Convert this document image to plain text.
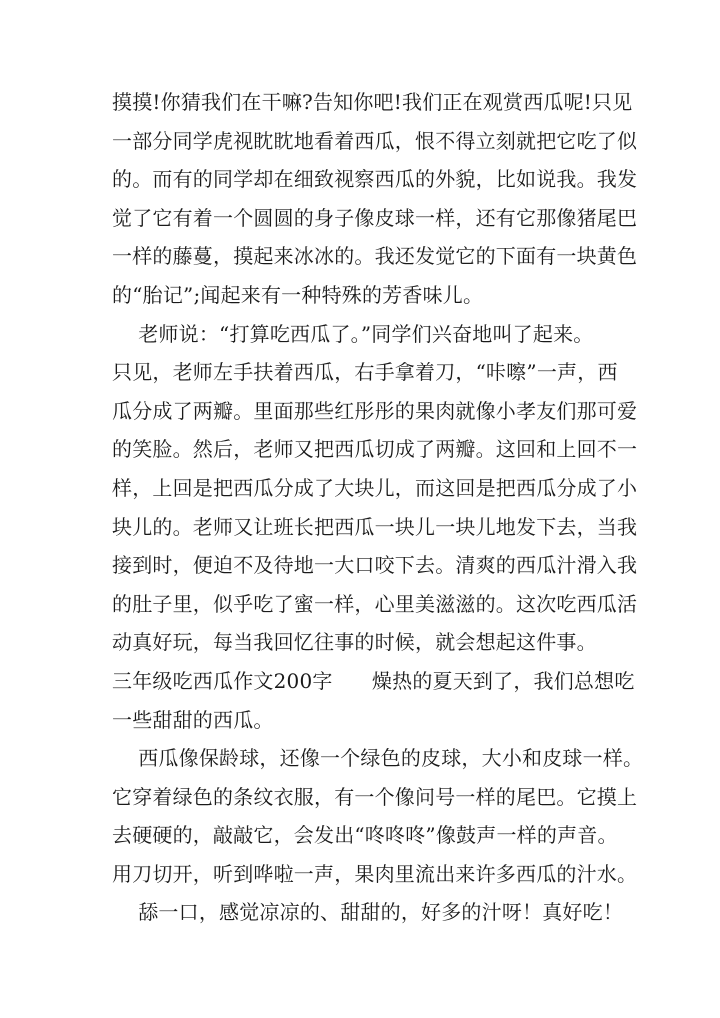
摸摸!你猜我们在干嘛?告知你吧!我们正在观赏西瓜呢!只见
一部分同学虎视眈眈地看着西瓜，恨不得立刻就把它吃了似
的。而有的同学却在细致视察西瓜的外貌，比如说我。我发
觉了它有着一个圆圆的身子像皮球一样，还有它那像猪尾巴
一样的藤蔓，摸起来冰冰的。我还发觉它的下面有一块黄色
的“胎记”;闻起来有一种特殊的芳香味儿。
老师说：“打算吃西瓜了。”同学们兴奋地叫了起来。
只见，老师左手扶着西瓜，右手拿着刀，“咔嚓”一声，西
瓜分成了两瓣。里面那些红彤彤的果肉就像小孝友们那可爱
的笑脸。然后，老师又把西瓜切成了两瓣。这回和上回不一
样，上回是把西瓜分成了大块儿，而这回是把西瓜分成了小
块儿的。老师又让班长把西瓜一块儿一块儿地发下去，当我
接到时，便迫不及待地一大口咬下去。清爽的西瓜汁滑入我
的肚子里，似乎吃了蜜一样，心里美滋滋的。这次吃西瓜活
动真好玩，每当我回忆往事的时候，就会想起这件事。
三年级吃西瓜作文200字      燥热的夏天到了，我们总想吃
一些甜甜的西瓜。
西瓜像保龄球，还像一个绿色的皮球，大小和皮球一样。
它穿着绿色的条纹衣服，有一个像问号一样的尾巴。它摸上
去硬硬的，敲敲它，会发出“咚咚咚”像鼓声一样的声音。
用刀切开，听到哗啦一声，果肉里流出来许多西瓜的汁水。
舔一口，感觉凉凉的、甜甜的，好多的汁呀！真好吃！
